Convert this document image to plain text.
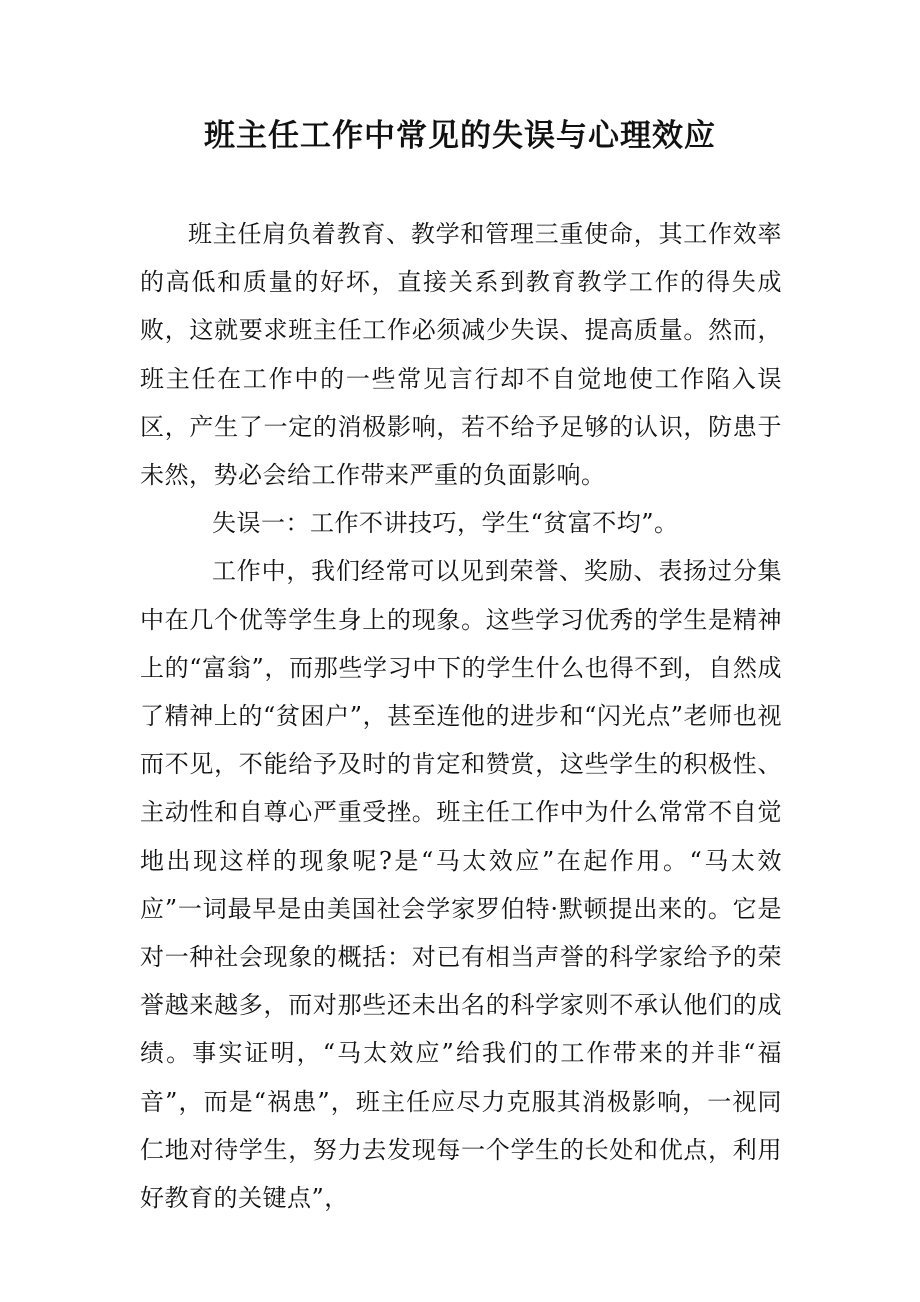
班主任工作中常见的失误与心理效应

班主任肩负着教育、教学和管理三重使命，其工作效率的高低和质量的好坏，直接关系到教育教学工作的得失成败，这就要求班主任工作必须减少失误、提高质量。然而，班主任在工作中的一些常见言行却不自觉地使工作陷入误区，产生了一定的消极影响，若不给予足够的认识，防患于未然，势必会给工作带来严重的负面影响。

失误一：工作不讲技巧，学生“贫富不均”。

工作中，我们经常可以见到荣誉、奖励、表扬过分集中在几个优等学生身上的现象。这些学习优秀的学生是精神上的“富翁”，而那些学习中下的学生什么也得不到，自然成了精神上的“贫困户”，甚至连他的进步和“闪光点”老师也视而不见，不能给予及时的肯定和赞赏，这些学生的积极性、主动性和自尊心严重受挫。班主任工作中为什么常常不自觉地出现这样的现象呢?是“马太效应”在起作用。“马太效应”一词最早是由美国社会学家罗伯特·默顿提出来的。它是对一种社会现象的概括：对已有相当声誉的科学家给予的荣誉越来越多，而对那些还未出名的科学家则不承认他们的成绩。事实证明，“马太效应”给我们的工作带来的并非“福音”，而是“祸患”，班主任应尽力克服其消极影响，一视同仁地对待学生，努力去发现每一个学生的长处和优点，利用好教育的关键点”，
